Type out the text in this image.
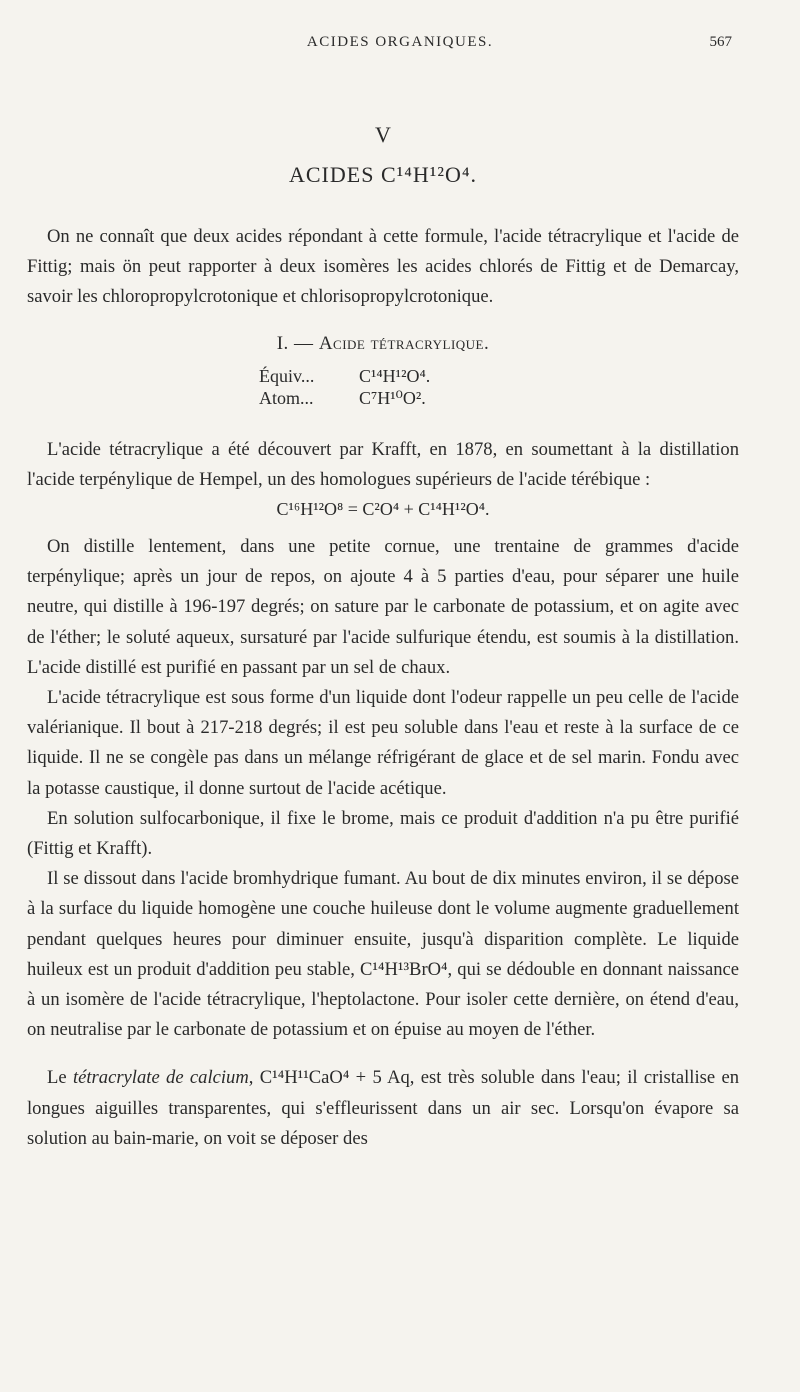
ACIDES ORGANIQUES.	567

V

ACIDES C¹⁴H¹²O⁴.

On ne connaît que deux acides répondant à cette formule, l'acide tétracrylique et l'acide de Fittig; mais ön peut rapporter à deux isomères les acides chlorés de Fittig et de Demarcay, savoir les chloropropylcrotonique et chlorisopropylcrotonique.

I. — Acide tétracrylique.
Équiv...	C¹⁴H¹²O⁴.
Atom...	C⁷H¹⁰O².

L'acide tétracrylique a été découvert par Krafft, en 1878, en soumettant à la distillation l'acide terpénylique de Hempel, un des homologues supérieurs de l'acide térébique :

C¹⁶H¹²O⁸ = C²O⁴ + C¹⁴H¹²O⁴.

On distille lentement, dans une petite cornue, une trentaine de grammes d'acide terpénylique; après un jour de repos, on ajoute 4 à 5 parties d'eau, pour séparer une huile neutre, qui distille à 196-197 degrés; on sature par le carbonate de potassium, et on agite avec de l'éther; le soluté aqueux, sursaturé par l'acide sulfurique étendu, est soumis à la distillation. L'acide distillé est purifié en passant par un sel de chaux.

L'acide tétracrylique est sous forme d'un liquide dont l'odeur rappelle un peu celle de l'acide valérianique. Il bout à 217-218 degrés; il est peu soluble dans l'eau et reste à la surface de ce liquide. Il ne se congèle pas dans un mélange réfrigérant de glace et de sel marin. Fondu avec la potasse caustique, il donne surtout de l'acide acétique.

En solution sulfocarbonique, il fixe le brome, mais ce produit d'addition n'a pu être purifié (Fittig et Krafft).

Il se dissout dans l'acide bromhydrique fumant. Au bout de dix minutes environ, il se dépose à la surface du liquide homogène une couche huileuse dont le volume augmente graduellement pendant quelques heures pour diminuer ensuite, jusqu'à disparition complète. Le liquide huileux est un produit d'addition peu stable, C¹⁴H¹³BrO⁴, qui se dédouble en donnant naissance à un isomère de l'acide tétracrylique, l'heptolactone. Pour isoler cette dernière, on étend d'eau, on neutralise par le carbonate de potassium et on épuise au moyen de l'éther.

Le tétracrylate de calcium, C¹⁴H¹¹CaO⁴ + 5 Aq, est très soluble dans l'eau; il cristallise en longues aiguilles transparentes, qui s'effleurissent dans un air sec. Lorsqu'on évapore sa solution au bain-marie, on voit se déposer des
